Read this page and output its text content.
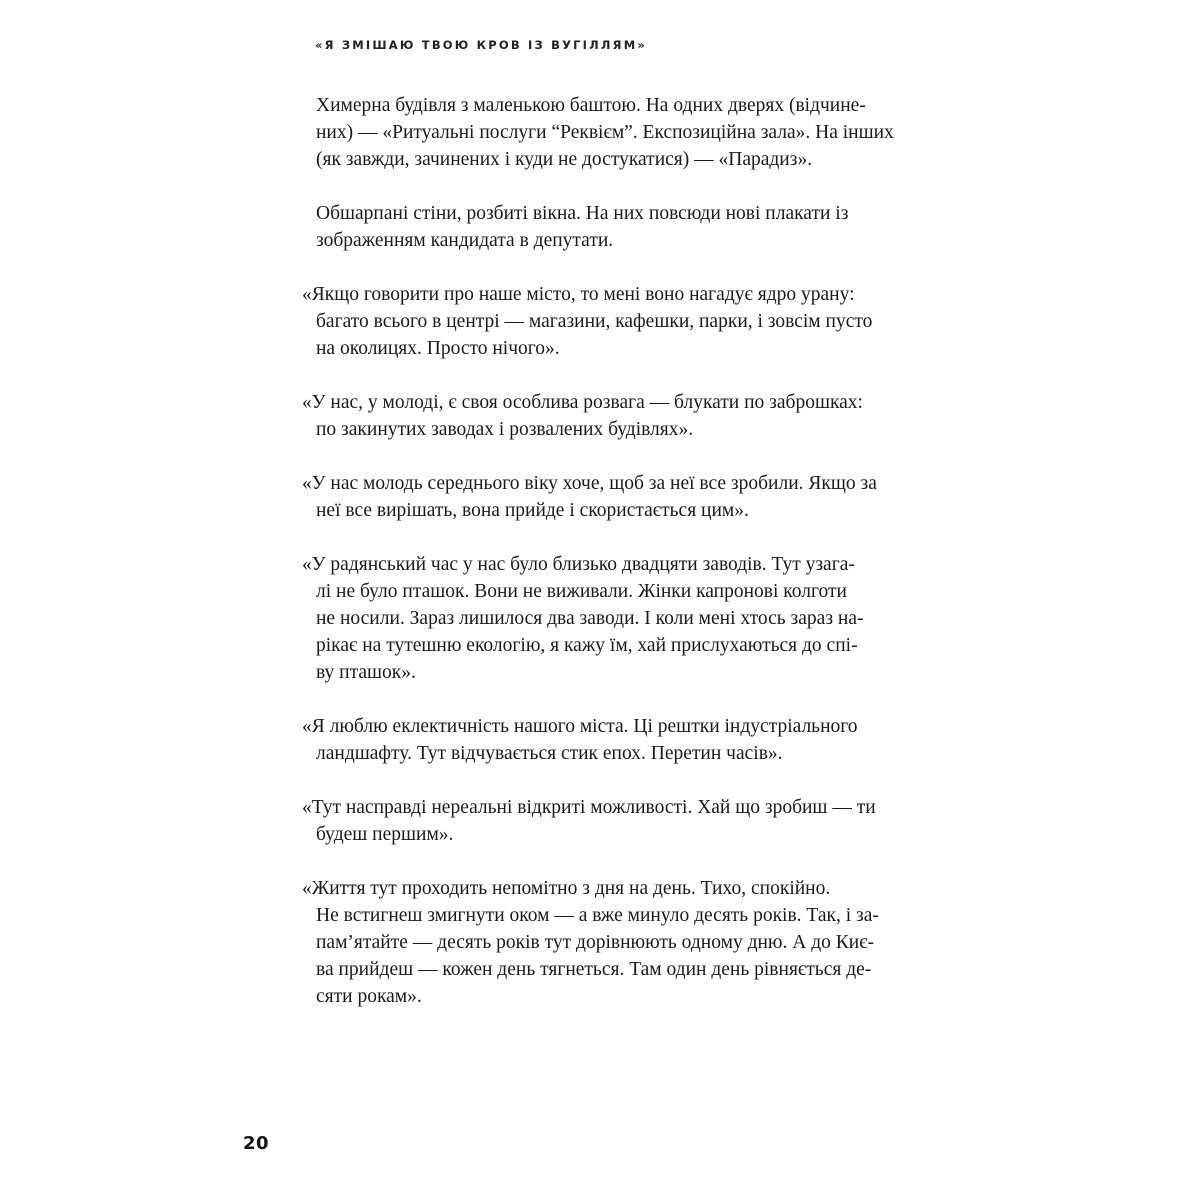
«Я ЗМІШАЮ ТВОЮ КРОВ ІЗ ВУГІЛЛЯМ»
Химерна будівля з маленькою баштою. На одних дверях (відчине-
них) — «Ритуальні послуги “Реквієм”. Експозиційна зала». На інших
(як завжди, зачинених і куди не достукатися) — «Парадиз».
Обшарпані стіни, розбиті вікна. На них повсюди нові плакати із
зображенням кандидата в депутати.
«Якщо говорити про наше місто, то мені воно нагадує ядро урану:
багато всього в центрі — магазини, кафешки, парки, і зовсім пусто
на околицях. Просто нічого».
«У нас, у молоді, є своя особлива розвага — блукати по заброшках:
по закинутих заводах і розвалених будівлях».
«У нас молодь середнього віку хоче, щоб за неї все зробили. Якщо за
неї все вирішать, вона прийде і скористається цим».
«У радянський час у нас було близько двадцяти заводів. Тут узага-
лі не було пташок. Вони не виживали. Жінки капронові колготи
не носили. Зараз лишилося два заводи. І коли мені хтось зараз на-
рікає на тутешню екологію, я кажу їм, хай прислухаються до спі-
ву пташок».
«Я люблю еклектичність нашого міста. Ці рештки індустріального
ландшафту. Тут відчувається стик епох. Перетин часів».
«Тут насправді нереальні відкриті можливості. Хай що зробиш — ти
будеш першим».
«Життя тут проходить непомітно з дня на день. Тихо, спокійно.
Не встигнеш змигнути оком — а вже минуло десять років. Так, і за-
пам’ятайте — десять років тут дорівнюють одному дню. А до Киє-
ва прийдеш — кожен день тягнеться. Там один день рівняється де-
сяти рокам».
20
